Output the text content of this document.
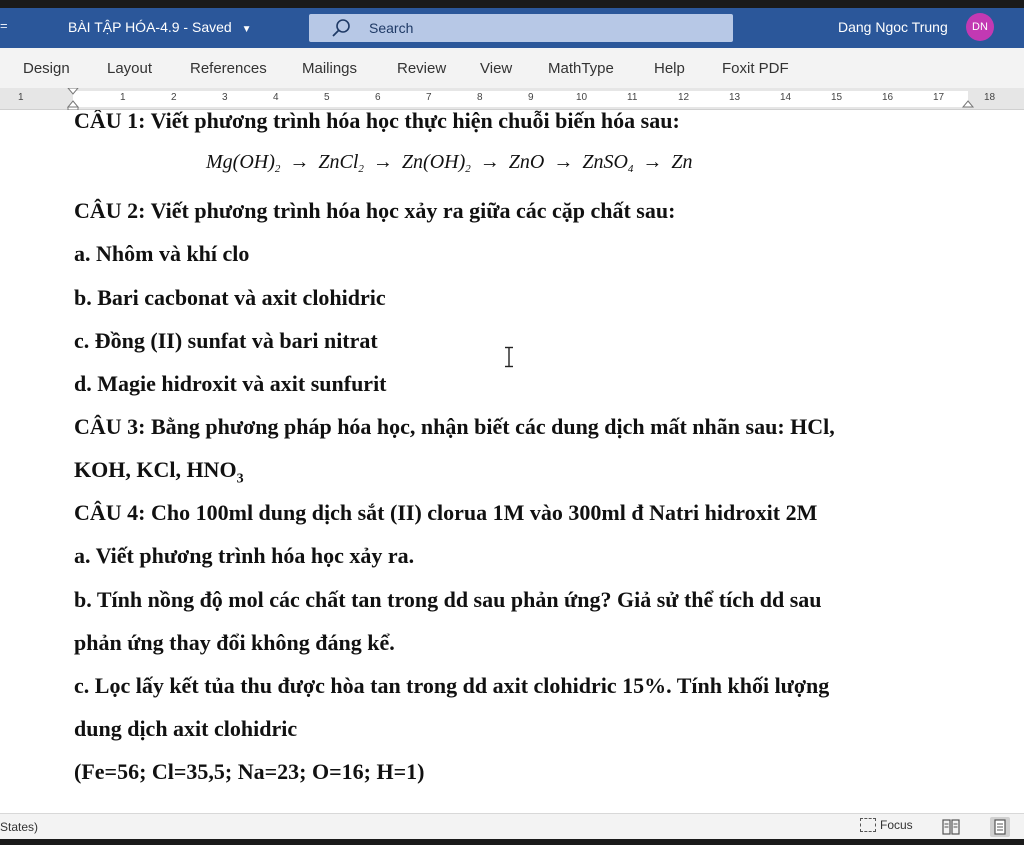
=	BÀI TẬP HÓA-4.9 - Saved ▼	Search	Dang Ngoc Trung	DN
Design Layout	References Mailings	Review View MathType	Help Foxit PDF
1	1	2	3	4	5	6	7	8	9	10	11	12	13	14	15	16	17	18
CÂU 1: Viết phương trình hóa học thực hiện chuỗi biến hóa sau:
$Mg(OH)_2$ → ZnCl$_2$ → $Zn(OH)_2$ → ZnO → ZnSO$_4$ → Zn
CÂU 2: Viết phương trình hóa học xảy ra giữa các cặp chất sau:
a. Nhôm và khí clo
b. Bari cacbonat và axit clohidric
c. Đồng (II) sunfat và bari nitrat
d. Magie hidroxit và axit sunfurit
CÂU 3: Bằng phương pháp hóa học, nhận biết các dung dịch mất nhãn sau: HCl,
KOH, KCl, $HNO_3$
CÂU 4: Cho 100ml dung dịch sắt (II) clorua 1M vào 300ml đ Natri hidroxit 2M
a. Viết phương trình hóa học xảy ra.
b. Tính nồng độ mol các chất tan trong dd sau phản ứng? Giả sử thể tích dd sau
phản ứng thay đổi không đáng kể.
c. Lọc lấy kết tủa thu được hòa tan trong dd axit clohidric 15%. Tính khối lượng
dung dịch axit clohidric
(Fe=56; Cl=35,5; Na=23; O=16; H=1)
States)	Focus
